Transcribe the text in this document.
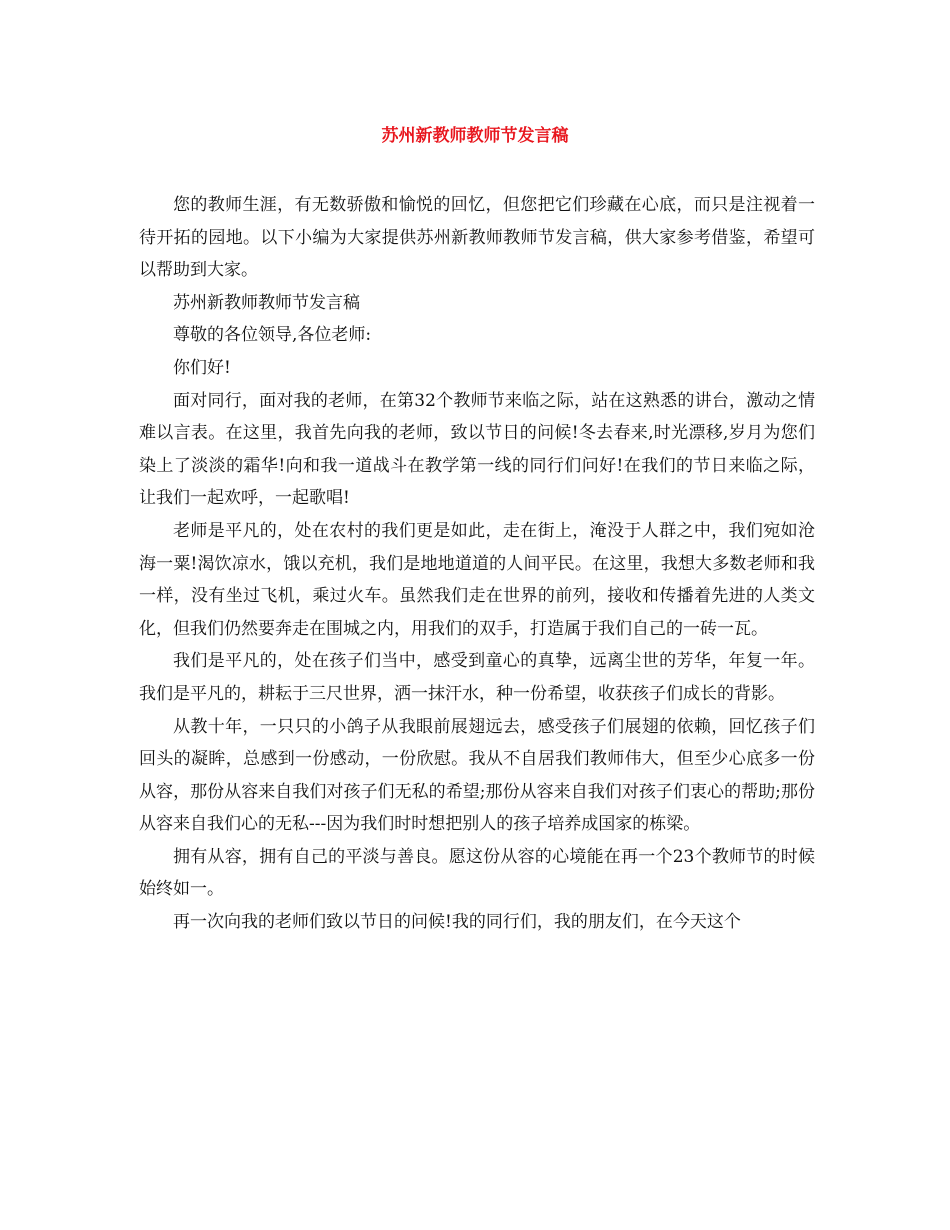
苏州新教师教师节发言稿

您的教师生涯，有无数骄傲和愉悦的回忆，但您把它们珍藏在心底，而只是注视着一待开拓的园地。以下小编为大家提供苏州新教师教师节发言稿，供大家参考借鉴，希望可以帮助到大家。

苏州新教师教师节发言稿

尊敬的各位领导,各位老师:

你们好!

面对同行，面对我的老师，在第32个教师节来临之际，站在这熟悉的讲台，激动之情难以言表。在这里，我首先向我的老师，致以节日的问候!冬去春来,时光漂移,岁月为您们染上了淡淡的霜华!向和我一道战斗在教学第一线的同行们问好!在我们的节日来临之际，让我们一起欢呼，一起歌唱!

老师是平凡的，处在农村的我们更是如此，走在街上，淹没于人群之中，我们宛如沧海一粟!渴饮凉水，饿以充机，我们是地地道道的人间平民。在这里，我想大多数老师和我一样，没有坐过飞机，乘过火车。虽然我们走在世界的前列，接收和传播着先进的人类文化，但我们仍然要奔走在围城之内，用我们的双手，打造属于我们自己的一砖一瓦。

我们是平凡的，处在孩子们当中，感受到童心的真挚，远离尘世的芳华，年复一年。我们是平凡的，耕耘于三尺世界，洒一抹汗水，种一份希望，收获孩子们成长的背影。

从教十年，一只只的小鸽子从我眼前展翅远去，感受孩子们展翅的依赖，回忆孩子们回头的凝眸，总感到一份感动，一份欣慰。我从不自居我们教师伟大，但至少心底多一份从容，那份从容来自我们对孩子们无私的希望;那份从容来自我们对孩子们衷心的帮助;那份从容来自我们心的无私---因为我们时时想把别人的孩子培养成国家的栋梁。

拥有从容，拥有自己的平淡与善良。愿这份从容的心境能在再一个23个教师节的时候始终如一。

再一次向我的老师们致以节日的问候!我的同行们，我的朋友们，在今天这个
